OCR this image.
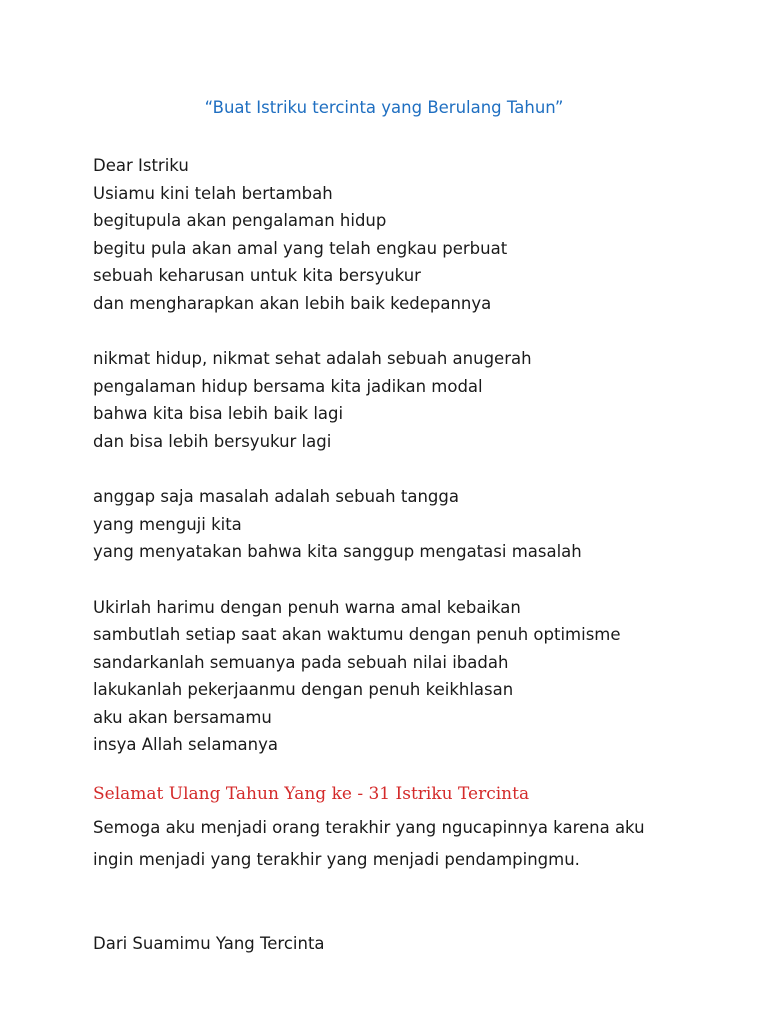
“Buat Istriku tercinta yang Berulang Tahun”
Dear Istriku
Usiamu kini telah bertambah
begitupula akan pengalaman hidup
begitu pula akan amal yang telah engkau perbuat
sebuah keharusan untuk kita bersyukur
dan mengharapkan akan lebih baik kedepannya
nikmat hidup, nikmat sehat adalah sebuah anugerah
pengalaman hidup bersama kita jadikan modal
bahwa kita bisa lebih baik lagi
dan bisa lebih bersyukur lagi
anggap saja masalah adalah sebuah tangga
yang menguji kita
yang menyatakan bahwa kita sanggup mengatasi masalah
Ukirlah harimu dengan penuh warna amal kebaikan
sambutlah setiap saat akan waktumu dengan penuh optimisme
sandarkanlah semuanya pada sebuah nilai ibadah
lakukanlah pekerjaanmu dengan penuh keikhlasan
aku akan bersamamu
insya Allah selamanya
Selamat Ulang Tahun Yang ke - 31 Istriku Tercinta
Semoga aku menjadi orang terakhir yang ngucapinnya karena aku
ingin menjadi yang terakhir yang menjadi pendampingmu.
Dari Suamimu Yang Tercinta
